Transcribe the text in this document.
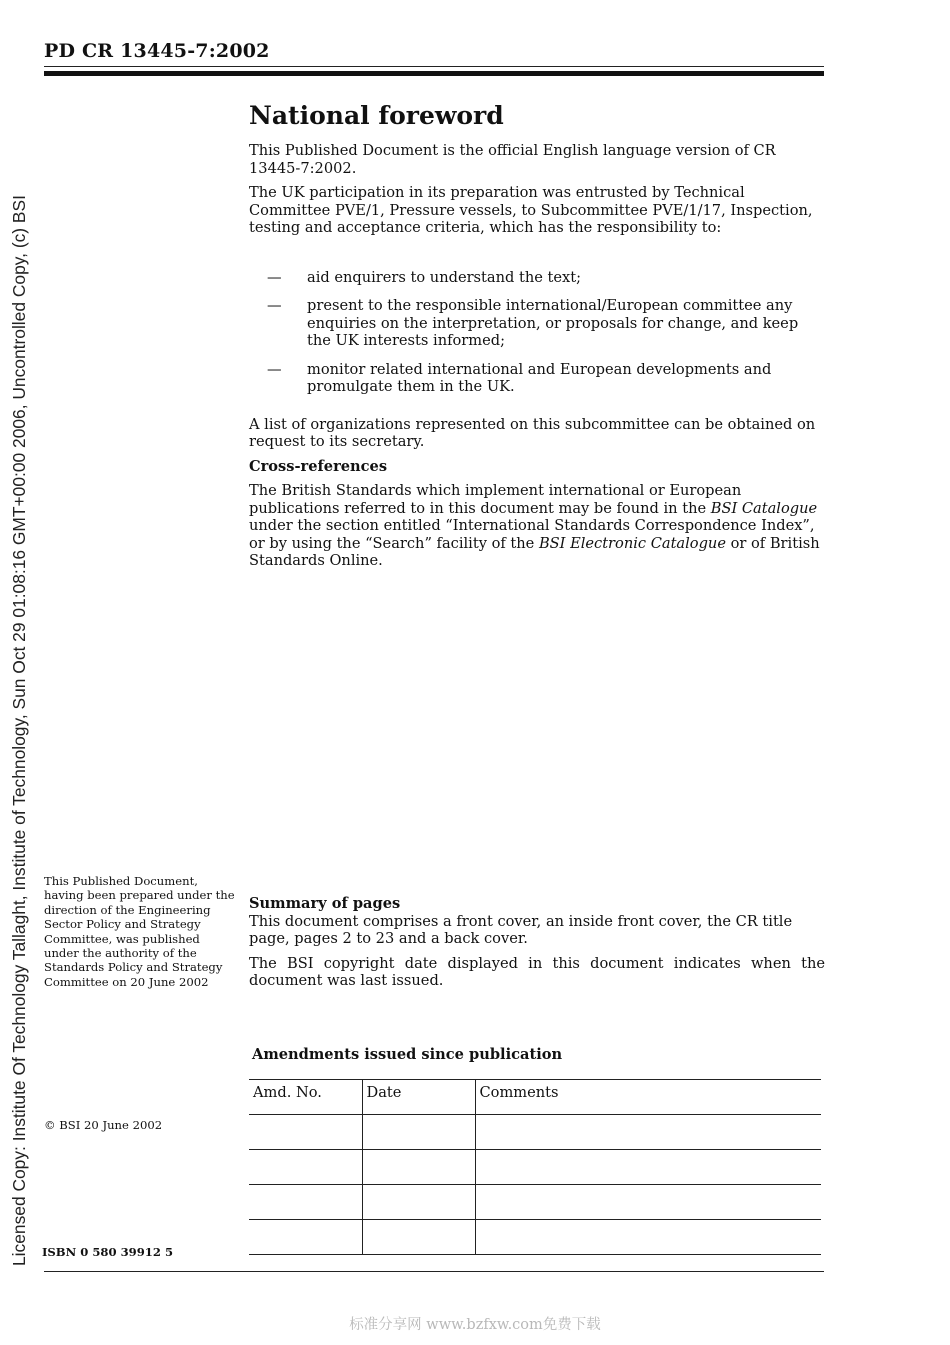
PD CR 13445-7:2002
Licensed Copy: Institute Of Technology Tallaght, Institute of Technology, Sun Oct 29 01:08:16 GMT+00:00 2006, Uncontrolled Copy, (c) BSI
National foreword

This Published Document is the official English language version of CR 13445-7:2002.

The UK participation in its preparation was entrusted by Technical Committee PVE/1, Pressure vessels, to Subcommittee PVE/1/17, Inspection, testing and acceptance criteria, which has the responsibility to:

—	aid enquirers to understand the text;
—	present to the responsible international/European committee any enquiries on the interpretation, or proposals for change, and keep the UK interests informed;
—	monitor related international and European developments and promulgate them in the UK.

A list of organizations represented on this subcommittee can be obtained on request to its secretary.

Cross-references

The British Standards which implement international or European publications referred to in this document may be found in the BSI Catalogue under the section entitled “International Standards Correspondence Index”, or by using the “Search” facility of the BSI Electronic Catalogue or of British Standards Online.

This Published Document, having been prepared under the direction of the Engineering Sector Policy and Strategy Committee, was published under the authority of the Standards Policy and Strategy Committee on 20 June 2002
© BSI 20 June 2002
ISBN 0 580 39912 5
Summary of pages

This document comprises a front cover, an inside front cover, the CR title page, pages 2 to 23 and a back cover.

The BSI copyright date displayed in this document indicates when the document was last issued.

Amendments issued since publication
Amd. No.	Date	Comments

标准分享网 www.bzfxw.com免费下载
